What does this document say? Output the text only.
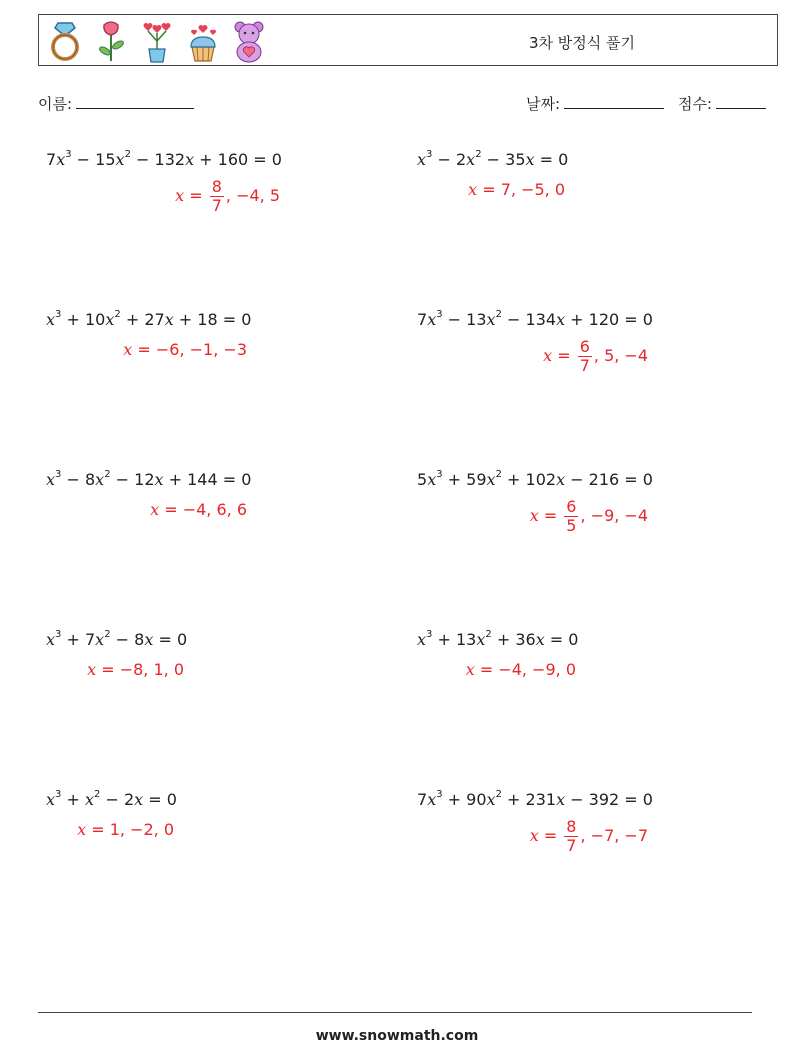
3차 방정식 풀기
이름:	날짜:	점수:
$7x^3 - 15x^2 - 132x + 160 = 0$
$x = \frac{8}{7}$ , −4, 5
$x^3 - 2x^2 - 35x = 0$
x = 7, −5, 0
$x^3 + 10x^2 + 27x + 18 = 0$
x = −6, −1, −3
$7x^3 - 13x^2 - 134x + 120 = 0$
$x = \frac{6}{7}$ , 5, −4
$x^3 - 8x^2 - 12x + 144 = 0$
x = −4, 6, 6
$5x^3 + 59x^2 + 102x - 216 = 0$
$x = \frac{6}{5}$ , −9, −4
$x^3 + 7x^2 - 8x = 0$
x = −8, 1, 0
$x^3 + 13x^2 + 36x = 0$
x = −4, −9, 0
$x^3 + x^2 - 2x = 0$
x = 1, −2, 0
$7x^3 + 90x^2 + 231x - 392 = 0$
$x = \frac{8}{7}$ , −7, −7
www.snowmath.com
